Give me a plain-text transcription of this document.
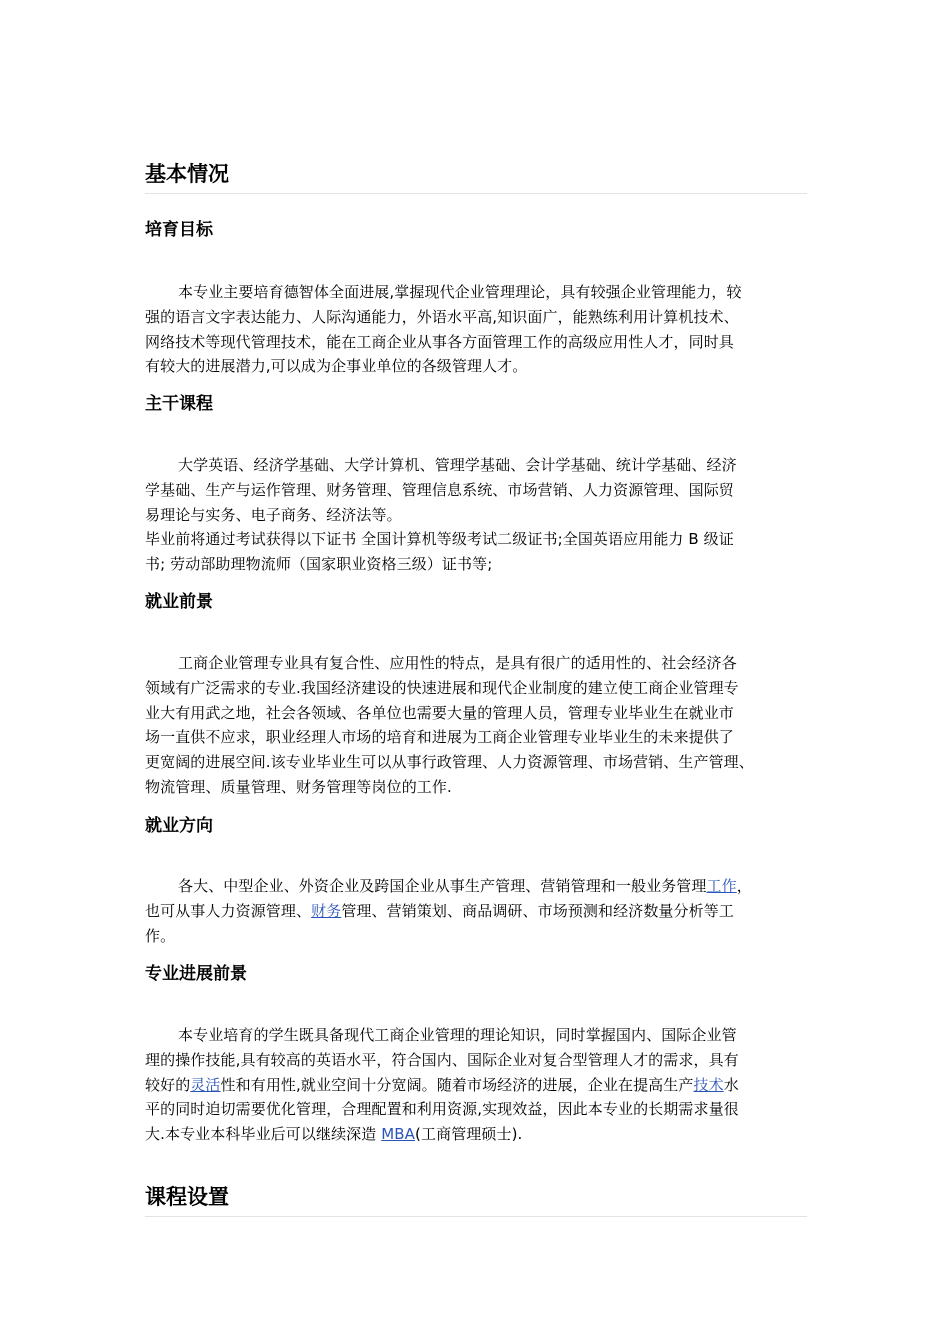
基本情况
培育目标
本专业主要培育德智体全面进展,掌握现代企业管理理论，具有较强企业管理能力，较
强的语言文字表达能力、人际沟通能力，外语水平高,知识面广，能熟练利用计算机技术、
网络技术等现代管理技术，能在工商企业从事各方面管理工作的高级应用性人才，同时具
有较大的进展潜力,可以成为企事业单位的各级管理人才。
主干课程
大学英语、经济学基础、大学计算机、管理学基础、会计学基础、统计学基础、经济
学基础、生产与运作管理、财务管理、管理信息系统、市场营销、人力资源管理、国际贸
易理论与实务、电子商务、经济法等。
毕业前将通过考试获得以下证书 全国计算机等级考试二级证书;全国英语应用能力 B 级证
书; 劳动部助理物流师（国家职业资格三级）证书等;
就业前景
工商企业管理专业具有复合性、应用性的特点，是具有很广的适用性的、社会经济各
领域有广泛需求的专业.我国经济建设的快速进展和现代企业制度的建立使工商企业管理专
业大有用武之地，社会各领域、各单位也需要大量的管理人员，管理专业毕业生在就业市
场一直供不应求，职业经理人市场的培育和进展为工商企业管理专业毕业生的未来提供了
更宽阔的进展空间.该专业毕业生可以从事行政管理、人力资源管理、市场营销、生产管理、
物流管理、质量管理、财务管理等岗位的工作.
就业方向
各大、中型企业、外资企业及跨国企业从事生产管理、营销管理和一般业务管理工作，
也可从事人力资源管理、财务管理、营销策划、商品调研、市场预测和经济数量分析等工
作。
专业进展前景
本专业培育的学生既具备现代工商企业管理的理论知识，同时掌握国内、国际企业管
理的操作技能,具有较高的英语水平，符合国内、国际企业对复合型管理人才的需求，具有
较好的灵活性和有用性,就业空间十分宽阔。随着市场经济的进展，企业在提高生产技术水
平的同时迫切需要优化管理，合理配置和利用资源,实现效益，因此本专业的长期需求量很
大.本专业本科毕业后可以继续深造 MBA(工商管理硕士).
课程设置
